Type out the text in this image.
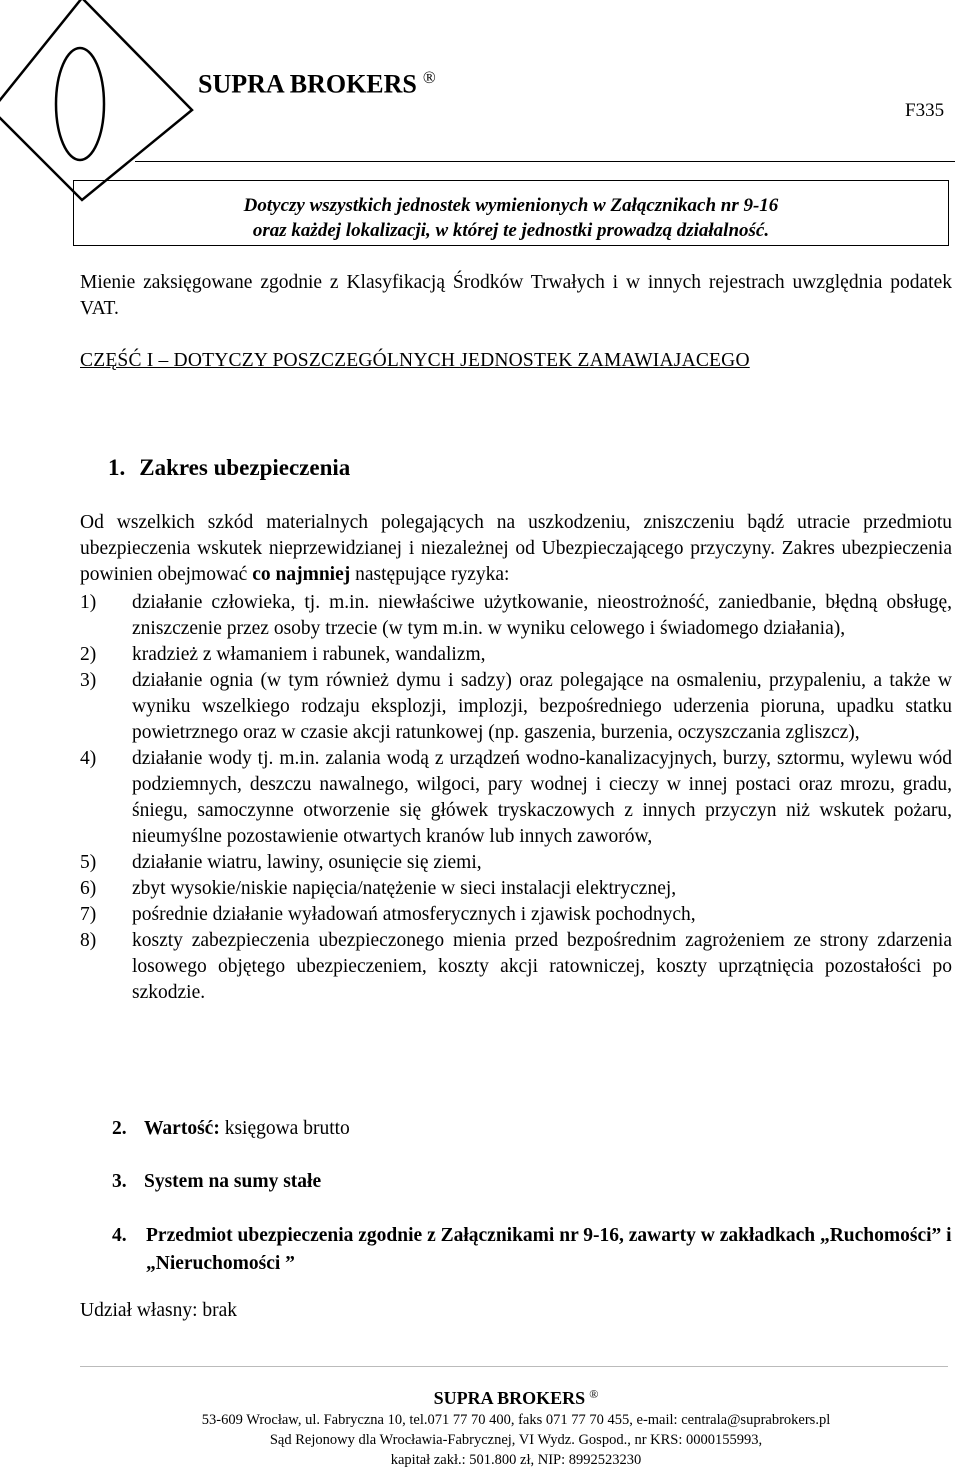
SUPRA BROKERS ®
F335
Dotyczy wszystkich jednostek wymienionych w Załącznikach nr 9-16
oraz każdej lokalizacji, w której te jednostki prowadzą działalność.
Mienie zaksięgowane zgodnie z Klasyfikacją Środków Trwałych i w innych rejestrach uwzględnia podatek VAT.
CZĘŚĆ I – DOTYCZY POSZCZEGÓLNYCH JEDNOSTEK ZAMAWIAJACEGO
1. Zakres ubezpieczenia
Od wszelkich szkód materialnych polegających na uszkodzeniu, zniszczeniu bądź utracie przedmiotu ubezpieczenia wskutek nieprzewidzianej i niezależnej od Ubezpieczającego przyczyny. Zakres ubezpieczenia powinien obejmować co najmniej następujące ryzyka:
1) działanie człowieka, tj. m.in. niewłaściwe użytkowanie, nieostrożność, zaniedbanie, błędną obsługę, zniszczenie przez osoby trzecie (w tym m.in. w wyniku celowego i świadomego działania),
2) kradzież z włamaniem i rabunek, wandalizm,
3) działanie ognia (w tym również dymu i sadzy) oraz polegające na osmaleniu, przypaleniu, a także w wyniku wszelkiego rodzaju eksplozji, implozji, bezpośredniego uderzenia pioruna, upadku statku powietrznego oraz w czasie akcji ratunkowej (np. gaszenia, burzenia, oczyszczania zgliszcz),
4) działanie wody tj. m.in. zalania wodą z urządzeń wodno-kanalizacyjnych, burzy, sztormu, wylewu wód podziemnych, deszczu nawalnego, wilgoci, pary wodnej i cieczy w innej postaci oraz mrozu, gradu, śniegu, samoczynne otworzenie się główek tryskaczowych z innych przyczyn niż wskutek pożaru, nieumyślne pozostawienie otwartych kranów lub innych zaworów,
5) działanie wiatru, lawiny, osunięcie się ziemi,
6) zbyt wysokie/niskie napięcia/natężenie w sieci instalacji elektrycznej,
7) pośrednie działanie wyładowań atmosferycznych i zjawisk pochodnych,
8) koszty zabezpieczenia ubezpieczonego mienia przed bezpośrednim zagrożeniem ze strony zdarzenia losowego objętego ubezpieczeniem, koszty akcji ratowniczej, koszty uprzątnięcia pozostałości po szkodzie.
2. Wartość: księgowa brutto
3. System na sumy stałe
4. Przedmiot ubezpieczenia zgodnie z Załącznikami nr 9-16, zawarty w zakładkach „Ruchomości” i „Nieruchomości ”
Udział własny: brak
SUPRA BROKERS ®
53-609 Wrocław, ul. Fabryczna 10, tel.071 77 70 400, faks 071 77 70 455, e-mail: centrala@suprabrokers.pl
Sąd Rejonowy dla Wrocławia-Fabrycznej, VI Wydz. Gospod., nr KRS: 0000155993,
kapitał zakł.: 501.800 zł, NIP: 8992523230
